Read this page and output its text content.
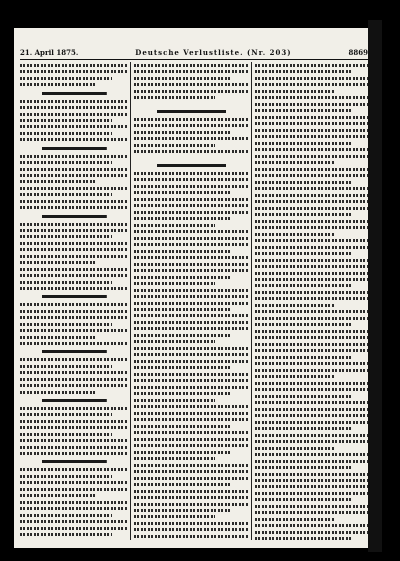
21. April 1875.	Deutsche Verlustliste. (Nr. 203)	8869
